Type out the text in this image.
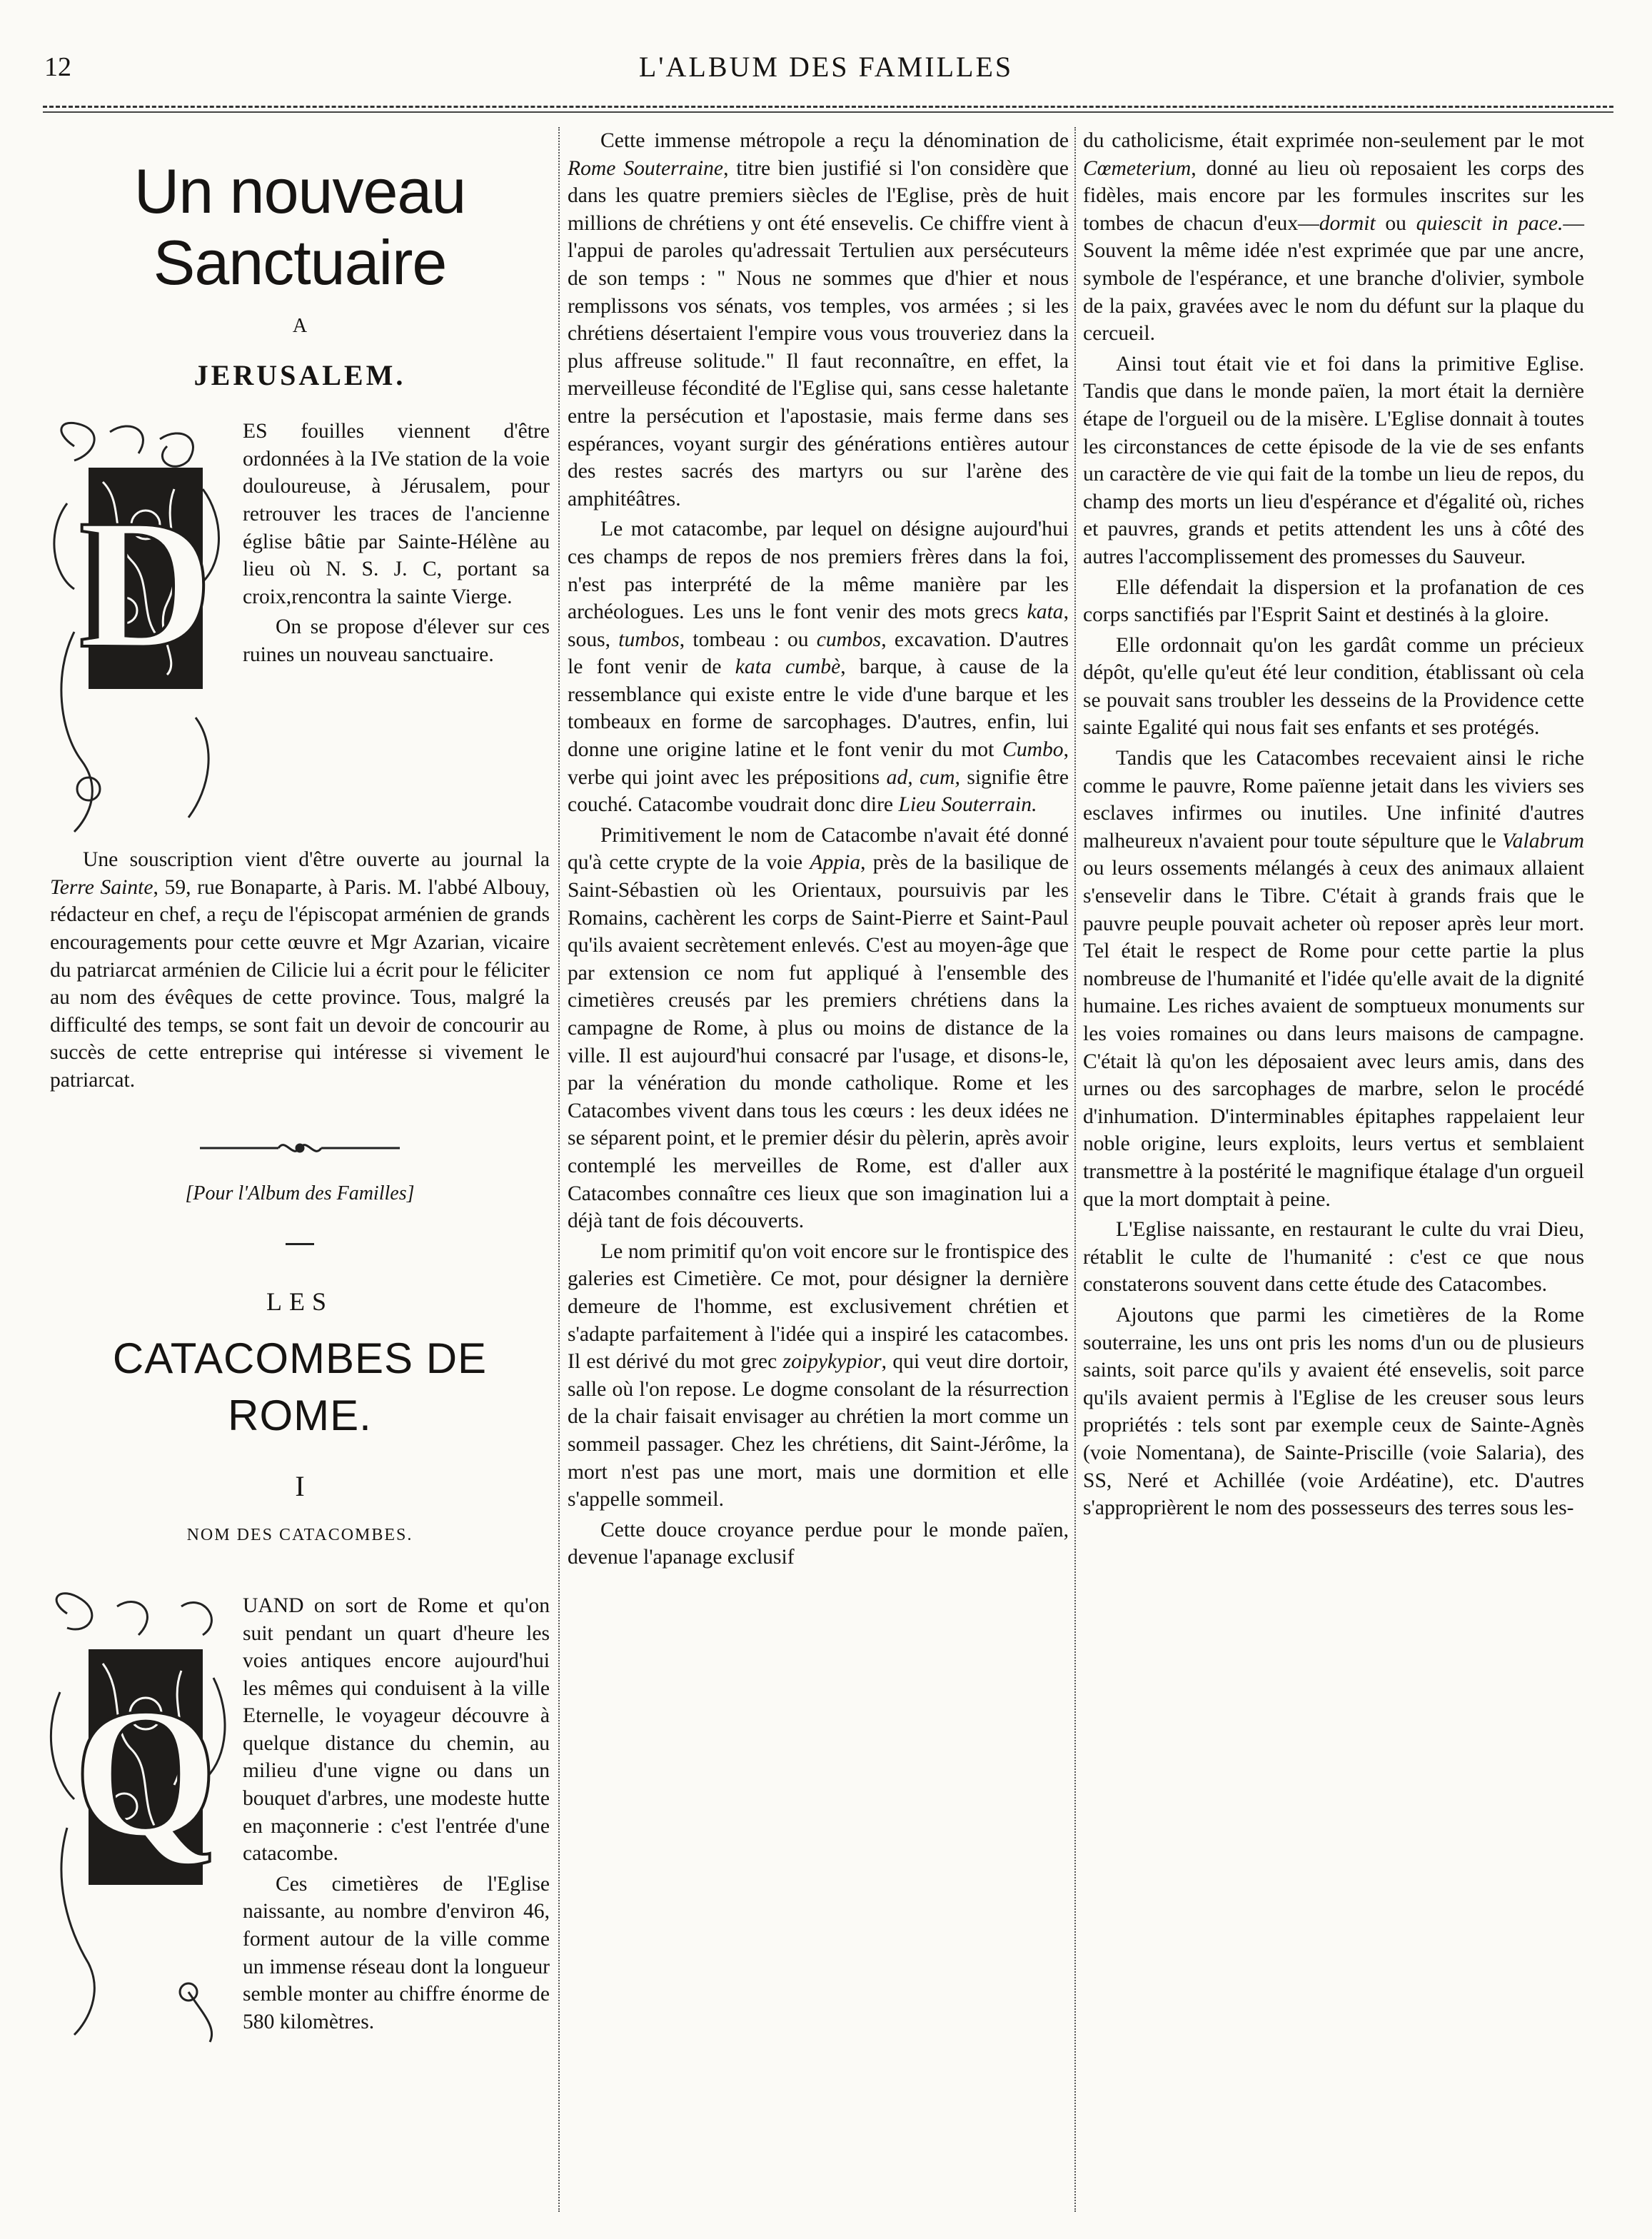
12	L'ALBUM DES FAMILLES
Un nouveau Sanctuaire
A
JERUSALEM.
D

ES fouilles viennent d'être ordonnées à la IVe station de la voie douloureuse, à Jérusalem, pour retrouver les traces de l'ancienne église bâtie par Sainte-Hélène au lieu où N. S. J. C, portant sa croix,rencontra la sainte Vierge.

On se propose d'élever sur ces ruines un nouveau sanctuaire.

Une souscription vient d'être ouverte au journal la Terre Sainte, 59, rue Bonaparte, à Paris. M. l'abbé Albouy, rédacteur en chef, a reçu de l'épiscopat arménien de grands encouragements pour cette œuvre et Mgr Azarian, vicaire du patriarcat arménien de Cilicie lui a écrit pour le féliciter au nom des évêques de cette province. Tous, malgré la difficulté des temps, se sont fait un devoir de concourir au succès de cette entreprise qui intéresse si vivement le patriarcat.

[Pour l'Album des Familles]
LES
CATACOMBES DE ROME.
I
NOM DES CATACOMBES.
Q

UAND on sort de Rome et qu'on suit pendant un quart d'heure les voies antiques encore aujourd'hui les mêmes qui conduisent à la ville Eternelle, le voyageur découvre à quelque distance du chemin, au milieu d'une vigne ou dans un bouquet d'arbres, une modeste hutte en maçonnerie : c'est l'entrée d'une catacombe.

Ces cimetières de l'Eglise naissante, au nombre d'environ 46, forment autour de la ville comme un immense réseau dont la longueur semble monter au chiffre énorme de 580 kilomètres.

Cette immense métropole a reçu la dénomination de Rome Souterraine, titre bien justifié si l'on considère que dans les quatre premiers siècles de l'Eglise, près de huit millions de chrétiens y ont été ensevelis. Ce chiffre vient à l'appui de paroles qu'adressait Tertulien aux persécuteurs de son temps : " Nous ne sommes que d'hier et nous remplissons vos sénats, vos temples, vos armées ; si les chrétiens désertaient l'empire vous vous trouveriez dans la plus affreuse solitude." Il faut reconnaître, en effet, la merveilleuse fécondité de l'Eglise qui, sans cesse haletante entre la persécution et l'apostasie, mais ferme dans ses espérances, voyant surgir des générations entières autour des restes sacrés des martyrs ou sur l'arène des amphitéâtres.

Le mot catacombe, par lequel on désigne aujourd'hui ces champs de repos de nos premiers frères dans la foi, n'est pas interprété de la même manière par les archéologues. Les uns le font venir des mots grecs kata, sous, tumbos, tombeau : ou cumbos, excavation. D'autres le font venir de kata cumbè, barque, à cause de la ressemblance qui existe entre le vide d'une barque et les tombeaux en forme de sarcophages. D'autres, enfin, lui donne une origine latine et le font venir du mot Cumbo, verbe qui joint avec les prépositions ad, cum, signifie être couché. Catacombe voudrait donc dire Lieu Souterrain.

Primitivement le nom de Catacombe n'avait été donné qu'à cette crypte de la voie Appia, près de la basilique de Saint-Sébastien où les Orientaux, poursuivis par les Romains, cachèrent les corps de Saint-Pierre et Saint-Paul qu'ils avaient secrètement enlevés. C'est au moyen-âge que par extension ce nom fut appliqué à l'ensemble des cimetières creusés par les premiers chrétiens dans la campagne de Rome, à plus ou moins de distance de la ville. Il est aujourd'hui consacré par l'usage, et disons-le, par la vénération du monde catholique. Rome et les Catacombes vivent dans tous les cœurs : les deux idées ne se séparent point, et le premier désir du pèlerin, après avoir contemplé les merveilles de Rome, est d'aller aux Catacombes connaître ces lieux que son imagination lui a déjà tant de fois découverts.

Le nom primitif qu'on voit encore sur le frontispice des galeries est Cimetière. Ce mot, pour désigner la dernière demeure de l'homme, est exclusivement chrétien et s'adapte parfaitement à l'idée qui a inspiré les catacombes. Il est dérivé du mot grec zoipykypior, qui veut dire dortoir, salle où l'on repose. Le dogme consolant de la résurrection de la chair faisait envisager au chrétien la mort comme un sommeil passager. Chez les chrétiens, dit Saint-Jérôme, la mort n'est pas une mort, mais une dormition et elle s'appelle sommeil.

Cette douce croyance perdue pour le monde païen, devenue l'apanage exclusif

du catholicisme, était exprimée non-seulement par le mot Cœmeterium, donné au lieu où reposaient les corps des fidèles, mais encore par les formules inscrites sur les tombes de chacun d'eux—dormit ou quiescit in pace.—Souvent la même idée n'est exprimée que par une ancre, symbole de l'espérance, et une branche d'olivier, symbole de la paix, gravées avec le nom du défunt sur la plaque du cercueil.

Ainsi tout était vie et foi dans la primitive Eglise. Tandis que dans le monde païen, la mort était la dernière étape de l'orgueil ou de la misère. L'Eglise donnait à toutes les circonstances de cette épisode de la vie de ses enfants un caractère de vie qui fait de la tombe un lieu de repos, du champ des morts un lieu d'espérance et d'égalité où, riches et pauvres, grands et petits attendent les uns à côté des autres l'accomplissement des promesses du Sauveur.

Elle défendait la dispersion et la profanation de ces corps sanctifiés par l'Esprit Saint et destinés à la gloire.

Elle ordonnait qu'on les gardât comme un précieux dépôt, qu'elle qu'eut été leur condition, établissant où cela se pouvait sans troubler les desseins de la Providence cette sainte Egalité qui nous fait ses enfants et ses protégés.

Tandis que les Catacombes recevaient ainsi le riche comme le pauvre, Rome païenne jetait dans les viviers ses esclaves infirmes ou inutiles. Une infinité d'autres malheureux n'avaient pour toute sépulture que le Valabrum ou leurs ossements mélangés à ceux des animaux allaient s'ensevelir dans le Tibre. C'était à grands frais que le pauvre peuple pouvait acheter où reposer après leur mort. Tel était le respect de Rome pour cette partie la plus nombreuse de l'humanité et l'idée qu'elle avait de la dignité humaine. Les riches avaient de somptueux monuments sur les voies romaines ou dans leurs maisons de campagne. C'était là qu'on les déposaient avec leurs amis, dans des urnes ou des sarcophages de marbre, selon le procédé d'inhumation. D'interminables épitaphes rappelaient leur noble origine, leurs exploits, leurs vertus et semblaient transmettre à la postérité le magnifique étalage d'un orgueil que la mort domptait à peine.

L'Eglise naissante, en restaurant le culte du vrai Dieu, rétablit le culte de l'humanité : c'est ce que nous constaterons souvent dans cette étude des Catacombes.

Ajoutons que parmi les cimetières de la Rome souterraine, les uns ont pris les noms d'un ou de plusieurs saints, soit parce qu'ils y avaient été ensevelis, soit parce qu'ils avaient permis à l'Eglise de les creuser sous leurs propriétés : tels sont par exemple ceux de Sainte-Agnès (voie Nomentana), de Sainte-Priscille (voie Salaria), des SS, Neré et Achillée (voie Ardéatine), etc. D'autres s'approprièrent le nom des possesseurs des terres sous les-
